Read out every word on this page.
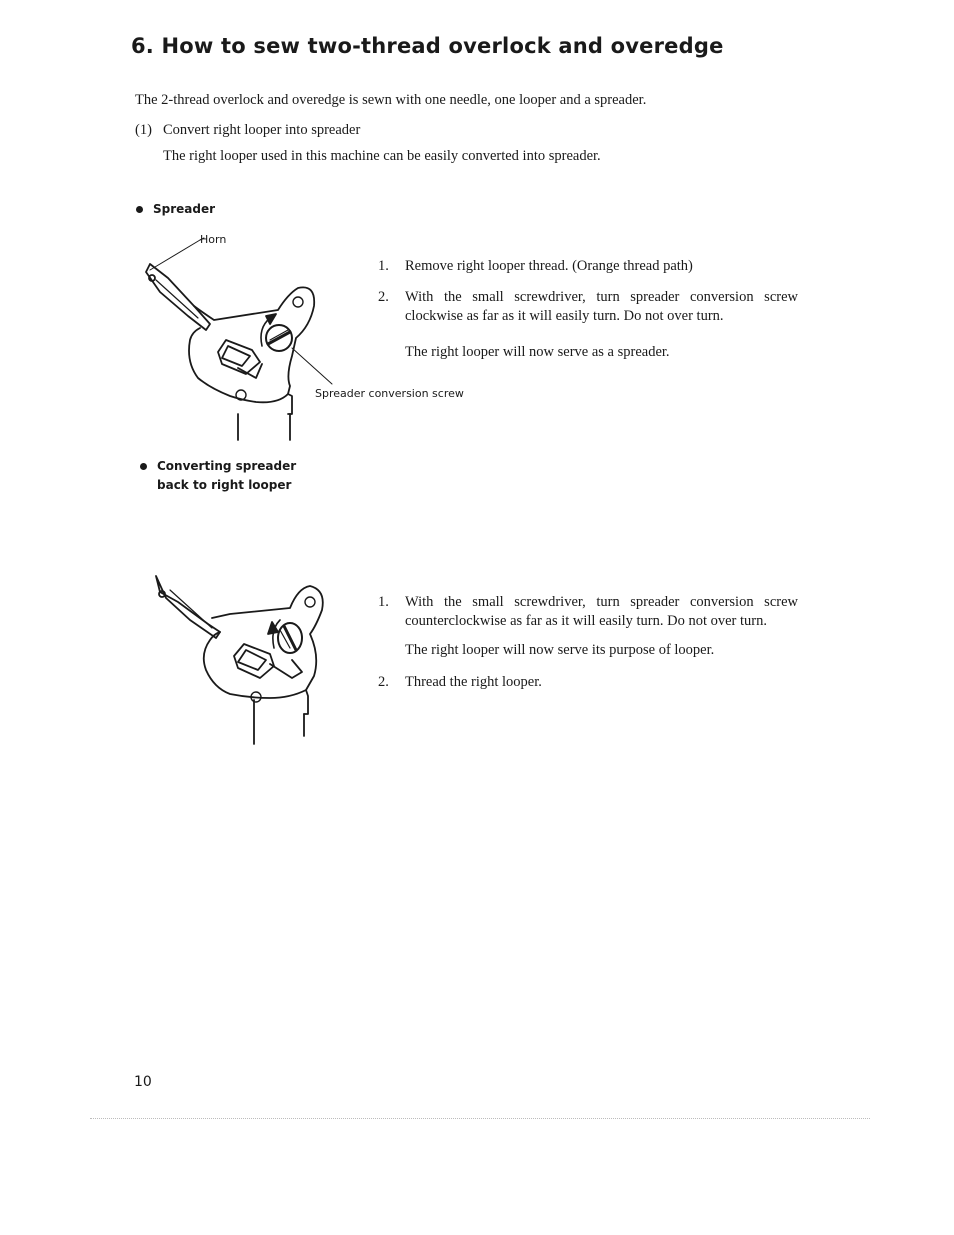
6. How to sew two-thread overlock and overedge
The 2-thread overlock and overedge is sewn with one needle, one looper and a spreader.
(1) Convert right looper into spreader
The right looper used in this machine can be easily converted into spreader.
Spreader
Horn
Spreader conversion screw
1.	Remove right looper thread. (Orange thread path)
2.	With the small screwdriver, turn spreader conversion screw clockwise as far as it will easily turn. Do not over turn.
The right looper will now serve as a spreader.
Converting spreader
back to right looper
1.	With the small screwdriver, turn spreader conversion screw counterclockwise as far as it will easily turn. Do not over turn.
The right looper will now serve its purpose of looper.
2.	Thread the right looper.
10
